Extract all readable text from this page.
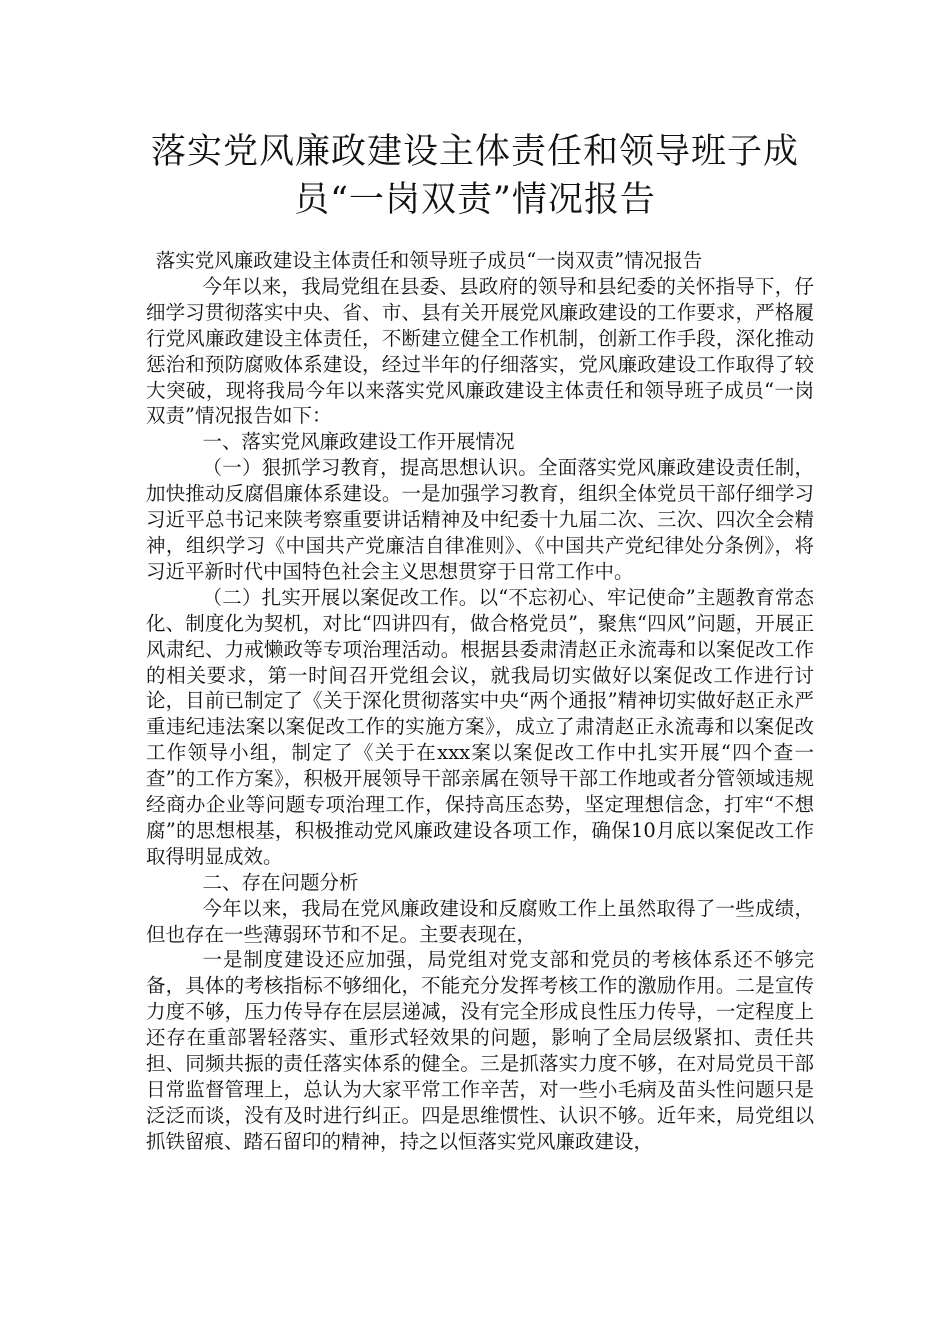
落实党风廉政建设主体责任和领导班子成员“一岗双责”情况报告

落实党风廉政建设主体责任和领导班子成员“一岗双责”情况报告

今年以来，我局党组在县委、县政府的领导和县纪委的关怀指导下，仔细学习贯彻落实中央、省、市、县有关开展党风廉政建设的工作要求，严格履行党风廉政建设主体责任，不断建立健全工作机制，创新工作手段，深化推动惩治和预防腐败体系建设，经过半年的仔细落实，党风廉政建设工作取得了较大突破，现将我局今年以来落实党风廉政建设主体责任和领导班子成员“一岗双责”情况报告如下：

一、落实党风廉政建设工作开展情况

（一）狠抓学习教育，提高思想认识。全面落实党风廉政建设责任制，加快推动反腐倡廉体系建设。一是加强学习教育，组织全体党员干部仔细学习习近平总书记来陕考察重要讲话精神及中纪委十九届二次、三次、四次全会精神，组织学习《中国共产党廉洁自律准则》、《中国共产党纪律处分条例》，将习近平新时代中国特色社会主义思想贯穿于日常工作中。

（二）扎实开展以案促改工作。以“不忘初心、牢记使命”主题教育常态化、制度化为契机，对比“四讲四有，做合格党员”，聚焦“四风”问题，开展正风肃纪、力戒懒政等专项治理活动。根据县委肃清赵正永流毒和以案促改工作的相关要求，第一时间召开党组会议，就我局切实做好以案促改工作进行讨论，目前已制定了《关于深化贯彻落实中央“两个通报”精神切实做好赵正永严重违纪违法案以案促改工作的实施方案》，成立了肃清赵正永流毒和以案促改工作领导小组，制定了《关于在xxx案以案促改工作中扎实开展“四个查一查”的工作方案》，积极开展领导干部亲属在领导干部工作地或者分管领域违规经商办企业等问题专项治理工作，保持高压态势，坚定理想信念，打牢“不想腐”的思想根基，积极推动党风廉政建设各项工作，确保10月底以案促改工作取得明显成效。

二、存在问题分析

今年以来，我局在党风廉政建设和反腐败工作上虽然取得了一些成绩，但也存在一些薄弱环节和不足。主要表现在，

一是制度建设还应加强，局党组对党支部和党员的考核体系还不够完备，具体的考核指标不够细化，不能充分发挥考核工作的激励作用。二是宣传力度不够，压力传导存在层层递减，没有完全形成良性压力传导，一定程度上还存在重部署轻落实、重形式轻效果的问题，影响了全局层级紧扣、责任共担、同频共振的责任落实体系的健全。三是抓落实力度不够，在对局党员干部日常监督管理上，总认为大家平常工作辛苦，对一些小毛病及苗头性问题只是泛泛而谈，没有及时进行纠正。四是思维惯性、认识不够。近年来，局党组以抓铁留痕、踏石留印的精神，持之以恒落实党风廉政建设，
